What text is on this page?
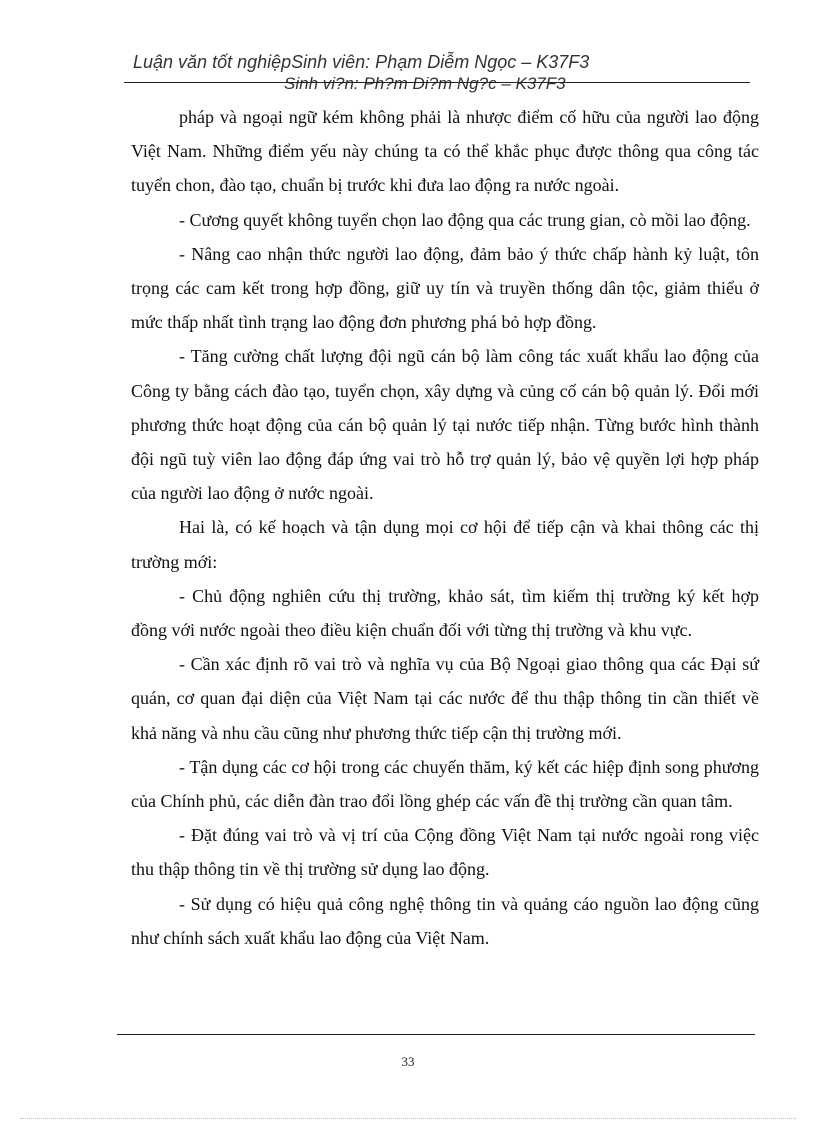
Luận văn tốt nghiệpSinh viên: Phạm Diễm Ngọc – K37F3
Sinh vi?n: Ph?m Di?m Ng?c – K37F3

pháp và ngoại ngữ kém không phải là nhược điểm cố hữu của người lao động Việt Nam. Những điểm yếu này chúng ta có thể khắc phục được thông qua công tác tuyển chon, đào tạo, chuẩn bị trước khi đưa lao động ra nước ngoài.

- Cương quyết không tuyển chọn lao động qua các trung gian, cò mồi lao động.

- Nâng cao nhận thức người lao động, đảm bảo ý thức chấp hành kỷ luật, tôn trọng các cam kết trong hợp đồng, giữ uy tín và truyền thống dân tộc, giảm thiểu ở mức thấp nhất tình trạng lao động đơn phương phá bỏ hợp đồng.

- Tăng cường chất lượng đội ngũ cán bộ làm công tác xuất khẩu lao động của Công ty bằng cách đào tạo, tuyển chọn, xây dựng và củng cố cán bộ quản lý. Đổi mới phương thức hoạt động của cán bộ quản lý tại nước tiếp nhận. Từng bước hình thành đội ngũ tuỳ viên lao động đáp ứng vai trò hỗ trợ quản lý, bảo vệ quyền lợi hợp pháp của người lao động ở nước ngoài.

Hai là, có kế hoạch và tận dụng mọi cơ hội để tiếp cận và khai thông các thị trường mới:

- Chủ động nghiên cứu thị trường, khảo sát, tìm kiếm thị trường ký kết hợp đồng với nước ngoài theo điều kiện chuẩn đối với từng thị trường và khu vực.

- Cần xác định rõ vai trò và nghĩa vụ của Bộ Ngoại giao thông qua các Đại sứ quán, cơ quan đại diện của Việt Nam tại các nước để thu thập thông tin cần thiết về khả năng và nhu cầu cũng như phương thức tiếp cận thị trường mới.

- Tận dụng các cơ hội trong các chuyến thăm, ký kết các hiệp định song phương của Chính phủ, các diễn đàn trao đổi lồng ghép các vấn đề thị trường cần quan tâm.

- Đặt đúng vai trò và vị trí của Cộng đồng Việt Nam tại nước ngoài rong việc thu thập thông tin về thị trường sử dụng lao động.

- Sử dụng có hiệu quả công nghệ thông tin và quảng cáo nguồn lao động cũng như chính sách xuất khẩu lao động của Việt Nam.

33
